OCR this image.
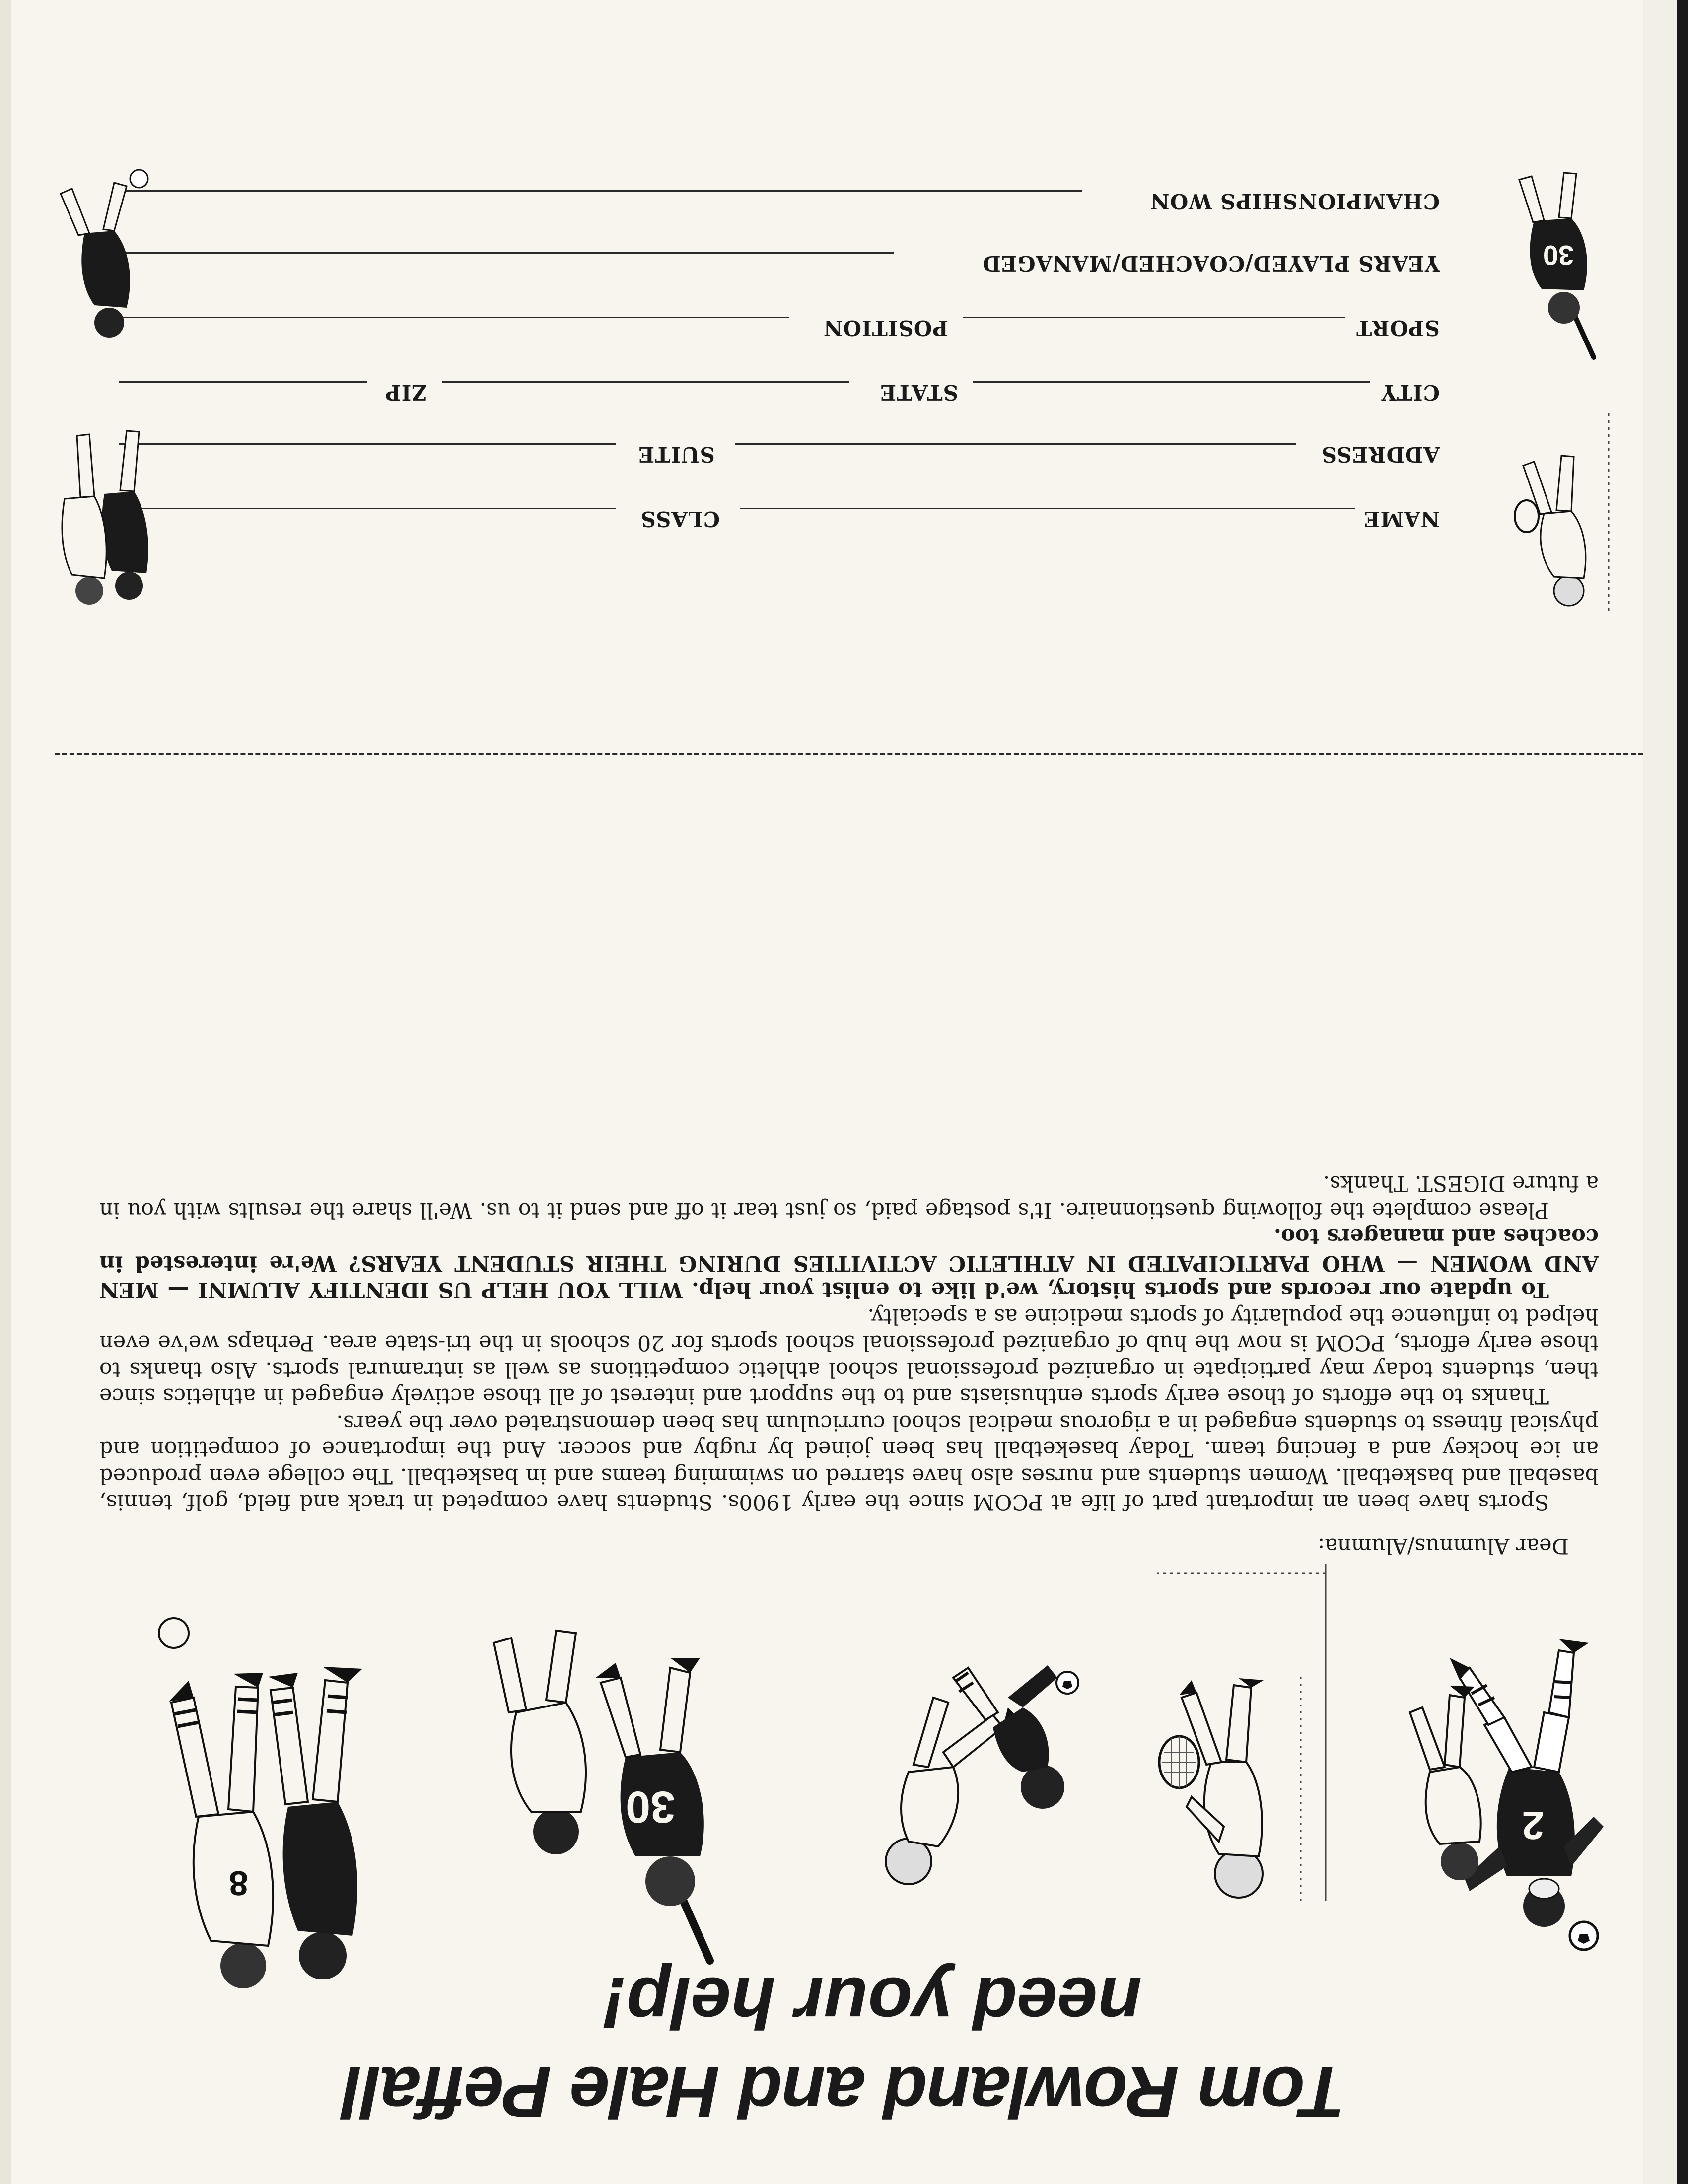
Tom Rowland and Hale Peffall
need your help!
2
30
8

Dear Alumnus/Alumna:

Sports have been an important part of life at PCOM since the early 1900s. Students have competed in track and field, golf, tennis, baseball and basketball. Women students and nurses also have starred on swimming teams and in basketball. The college even produced an ice hockey and a fencing team. Today baseketball has been joined by rugby and soccer. And the importance of competition and physical fitness to students engaged in a rigorous medical school curriculum has been demonstrated over the years.

Thanks to the efforts of those early sports enthusiasts and to the support and interest of all those actively engaged in athletics since then, students today may participate in organized professional school athletic competitions as well as intramural sports. Also thanks to those early efforts, PCOM is now the hub of organized professional school sports for 20 schools in the tri-state area. Perhaps we've even helped to influence the popularity of sports medicine as a specialty.

To update our records and sports history, we'd like to enlist your help. WILL YOU HELP US IDENTIFY ALUMNI — MEN AND WOMEN — WHO PARTICIPATED IN ATHLETIC ACTIVITIES DURING THEIR STUDENT YEARS? We're interested in coaches and managers too.

Please complete the following questionnaire. It's postage paid, so just tear it off and send it to us. We'll share the results with you in a future DIGEST. Thanks.

NAME
CLASS
ADDRESS
SUITE
CITY
STATE
ZIP
SPORT
POSITION
YEARS PLAYED/COACHED/MANAGED
CHAMPIONSHIPS WON
30
